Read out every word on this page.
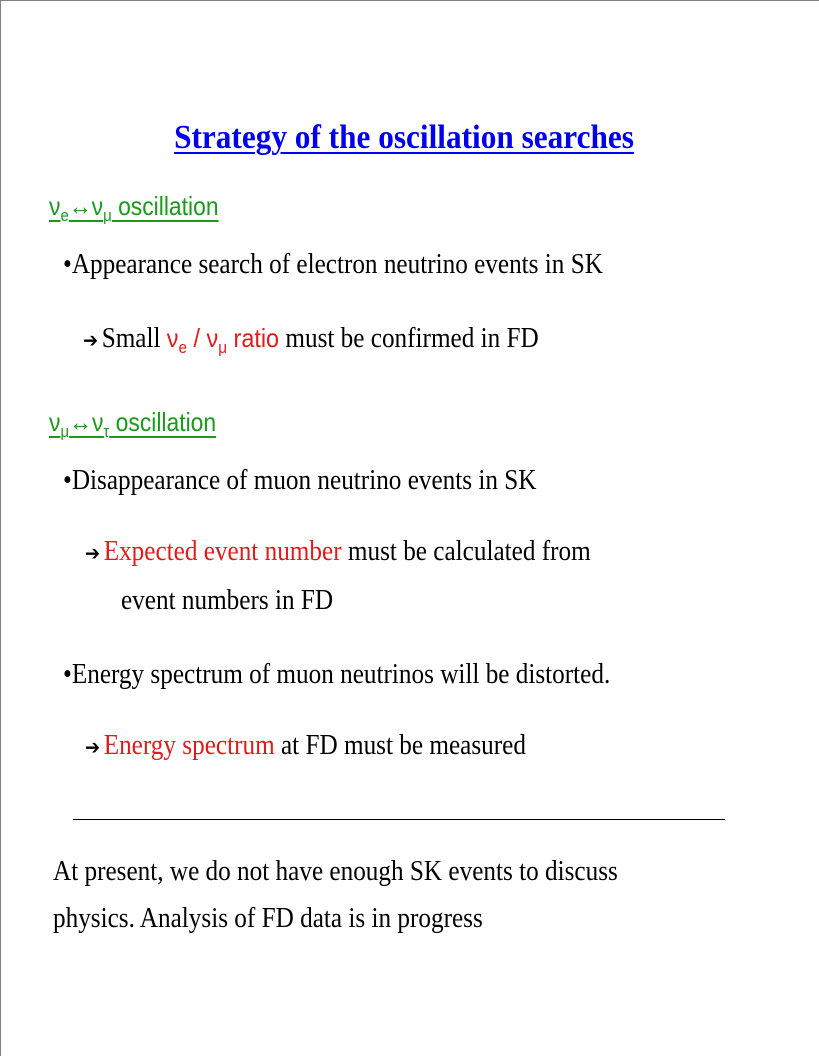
Strategy of the oscillation searches
$\nu_e\leftrightarrow\nu_\mu$ oscillation
•Appearance search of electron neutrino events in SK
➔ Small $\nu_e / \nu_\mu$ ratio must be confirmed in FD
$\nu_\mu\leftrightarrow\nu_\tau$ oscillation
•Disappearance of muon neutrino events in SK
➔ Expected event number must be calculated from
event numbers in FD
•Energy spectrum of muon neutrinos will be distorted.
➔ Energy spectrum at FD must be measured
At present, we do not have enough SK events to discuss
physics. Analysis of FD data is in progress
